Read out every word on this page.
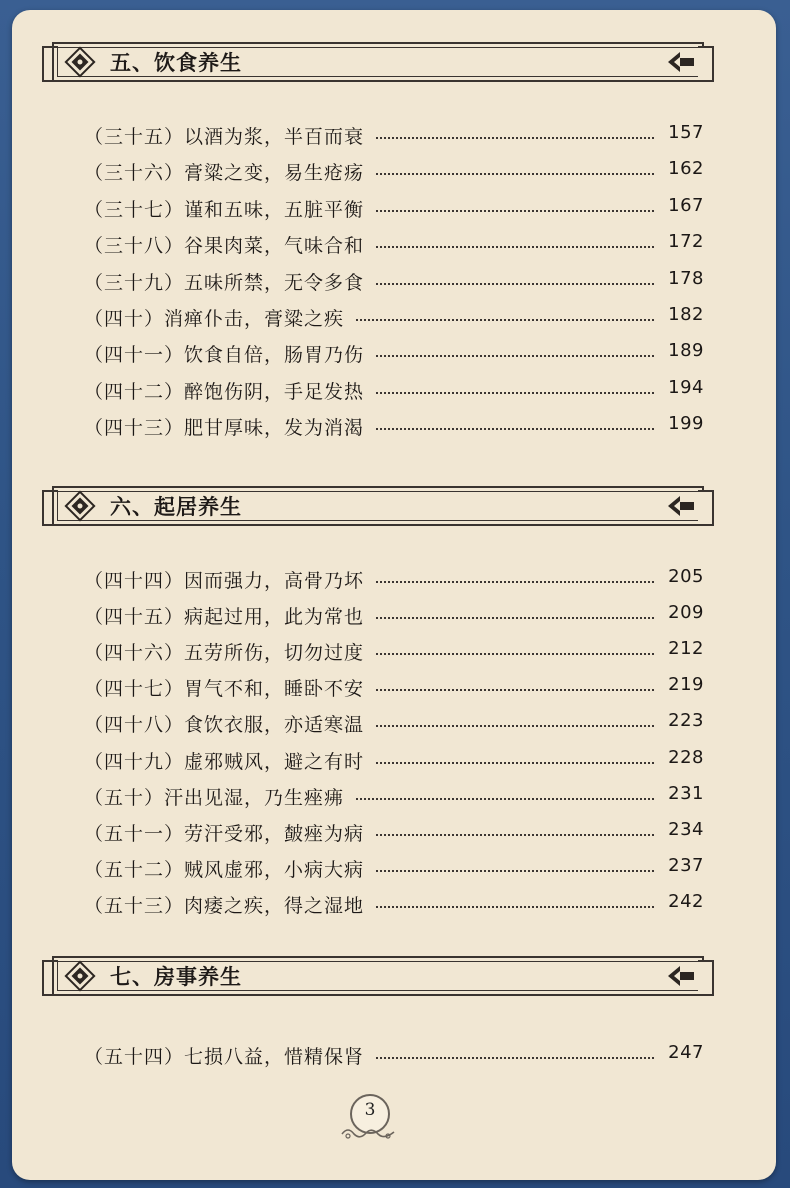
五、饮食养生
（三十五）以酒为浆，半百而衰	157
（三十六）膏粱之变，易生疮疡	162
（三十七）谨和五味，五脏平衡	167
（三十八）谷果肉菜，气味合和	172
（三十九）五味所禁，无令多食	178
（四十）消瘅仆击，膏粱之疾	182
（四十一）饮食自倍，肠胃乃伤	189
（四十二）醉饱伤阴，手足发热	194
（四十三）肥甘厚味，发为消渴	199
六、起居养生
（四十四）因而强力，高骨乃坏	205
（四十五）病起过用，此为常也	209
（四十六）五劳所伤，切勿过度	212
（四十七）胃气不和，睡卧不安	219
（四十八）食饮衣服，亦适寒温	223
（四十九）虚邪贼风，避之有时	228
（五十）汗出见湿，乃生痤疿	231
（五十一）劳汗受邪，皶痤为病	234
（五十二）贼风虚邪，小病大病	237
（五十三）肉痿之疾，得之湿地	242
七、房事养生
（五十四）七损八益，惜精保肾	247
3
